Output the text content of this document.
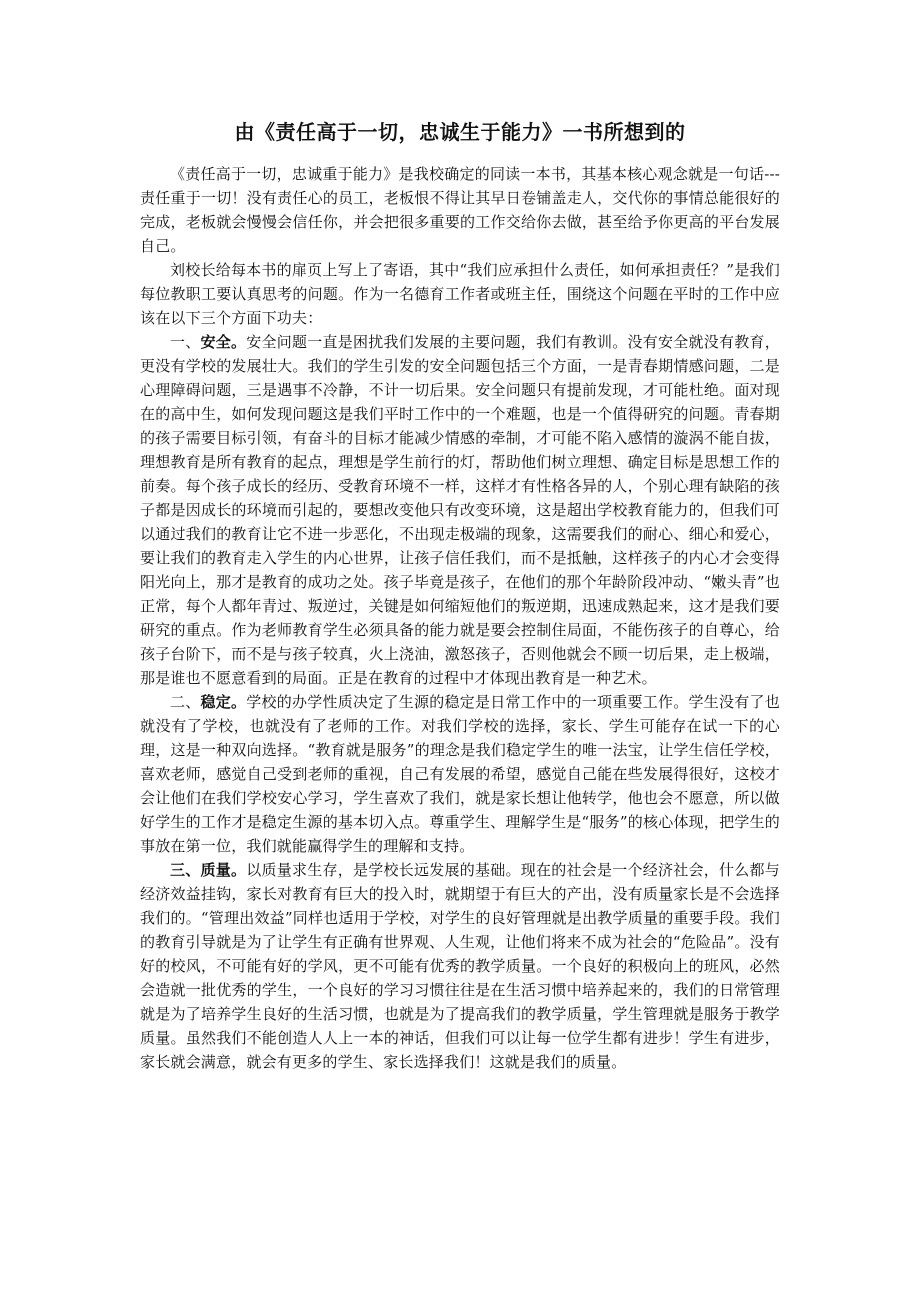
由《责任高于一切，忠诚生于能力》一书所想到的

《责任高于一切，忠诚重于能力》是我校确定的同读一本书，其基本核心观念就是一句话---责任重于一切！没有责任心的员工，老板恨不得让其早日卷铺盖走人，交代你的事情总能很好的完成，老板就会慢慢会信任你，并会把很多重要的工作交给你去做，甚至给予你更高的平台发展自己。

刘校长给每本书的扉页上写上了寄语，其中“我们应承担什么责任，如何承担责任？”是我们每位教职工要认真思考的问题。作为一名德育工作者或班主任，围绕这个问题在平时的工作中应该在以下三个方面下功夫：

一、安全。安全问题一直是困扰我们发展的主要问题，我们有教训。没有安全就没有教育，更没有学校的发展壮大。我们的学生引发的安全问题包括三个方面，一是青春期情感问题，二是心理障碍问题，三是遇事不冷静，不计一切后果。安全问题只有提前发现，才可能杜绝。面对现在的高中生，如何发现问题这是我们平时工作中的一个难题，也是一个值得研究的问题。青春期的孩子需要目标引领，有奋斗的目标才能减少情感的牵制，才可能不陷入感情的漩涡不能自拔，理想教育是所有教育的起点，理想是学生前行的灯，帮助他们树立理想、确定目标是思想工作的前奏。每个孩子成长的经历、受教育环境不一样，这样才有性格各异的人，个别心理有缺陷的孩子都是因成长的环境而引起的，要想改变他只有改变环境，这是超出学校教育能力的，但我们可以通过我们的教育让它不进一步恶化，不出现走极端的现象，这需要我们的耐心、细心和爱心，要让我们的教育走入学生的内心世界，让孩子信任我们，而不是抵触，这样孩子的内心才会变得阳光向上，那才是教育的成功之处。孩子毕竟是孩子，在他们的那个年龄阶段冲动、“嫩头青”也正常，每个人都年青过、叛逆过，关键是如何缩短他们的叛逆期，迅速成熟起来，这才是我们要研究的重点。作为老师教育学生必须具备的能力就是要会控制住局面，不能伤孩子的自尊心，给孩子台阶下，而不是与孩子较真，火上浇油，激怒孩子，否则他就会不顾一切后果，走上极端，那是谁也不愿意看到的局面。正是在教育的过程中才体现出教育是一种艺术。

二、稳定。学校的办学性质决定了生源的稳定是日常工作中的一项重要工作。学生没有了也就没有了学校，也就没有了老师的工作。对我们学校的选择，家长、学生可能存在试一下的心理，这是一种双向选择。“教育就是服务”的理念是我们稳定学生的唯一法宝，让学生信任学校，喜欢老师，感觉自己受到老师的重视，自己有发展的希望，感觉自己能在些发展得很好，这校才会让他们在我们学校安心学习，学生喜欢了我们，就是家长想让他转学，他也会不愿意，所以做好学生的工作才是稳定生源的基本切入点。尊重学生、理解学生是“服务”的核心体现，把学生的事放在第一位，我们就能赢得学生的理解和支持。

三、质量。以质量求生存，是学校长远发展的基础。现在的社会是一个经济社会，什么都与经济效益挂钩，家长对教育有巨大的投入时，就期望于有巨大的产出，没有质量家长是不会选择我们的。“管理出效益”同样也适用于学校，对学生的良好管理就是出教学质量的重要手段。我们的教育引导就是为了让学生有正确有世界观、人生观，让他们将来不成为社会的“危险品”。没有好的校风，不可能有好的学风，更不可能有优秀的教学质量。一个良好的积极向上的班风，必然会造就一批优秀的学生，一个良好的学习习惯往往是在生活习惯中培养起来的，我们的日常管理就是为了培养学生良好的生活习惯，也就是为了提高我们的教学质量，学生管理就是服务于教学质量。虽然我们不能创造人人上一本的神话，但我们可以让每一位学生都有进步！学生有进步，家长就会满意，就会有更多的学生、家长选择我们！这就是我们的质量。
